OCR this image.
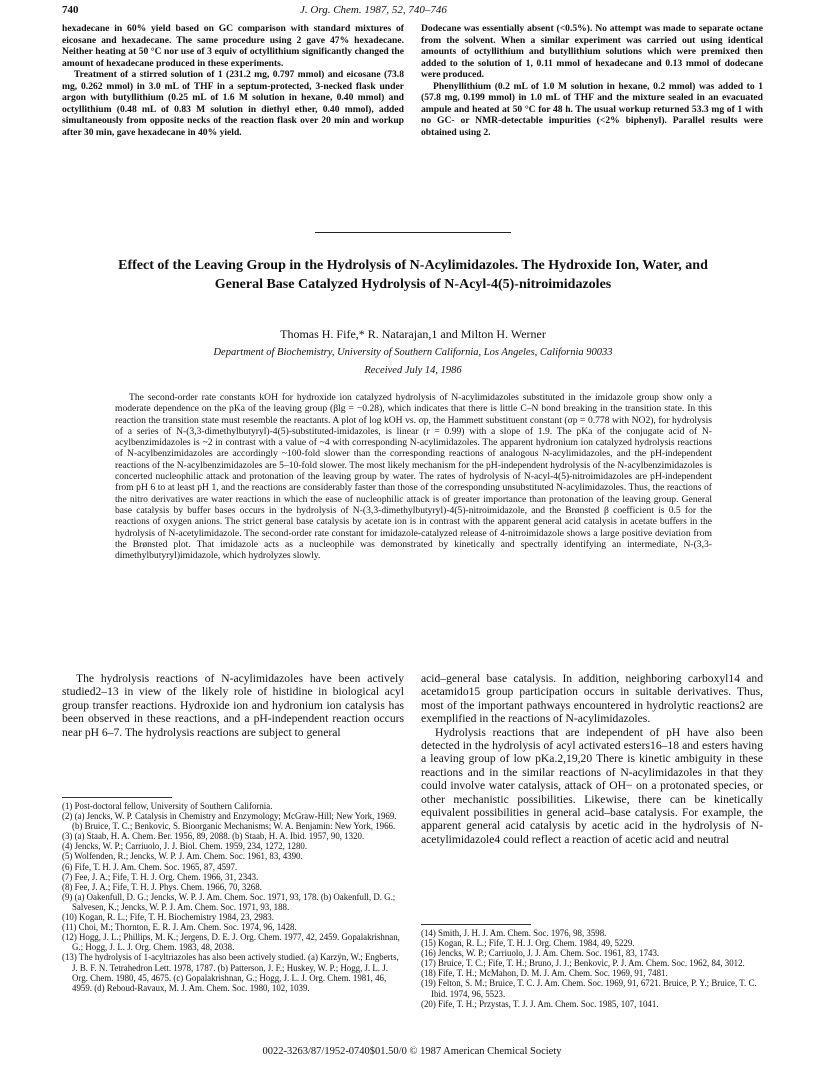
740	J. Org. Chem. 1987, 52, 740–746

hexadecane in 60% yield based on GC comparison with standard mixtures of eicosane and hexadecane. The same procedure using 2 gave 47% hexadecane. Neither heating at 50 °C nor use of 3 equiv of octyllithium significantly changed the amount of hexadecane produced in these experiments.

Treatment of a stirred solution of 1 (231.2 mg, 0.797 mmol) and eicosane (73.8 mg, 0.262 mmol) in 3.0 mL of THF in a septum-protected, 3-necked flask under argon with butyllithium (0.25 mL of 1.6 M solution in hexane, 0.40 mmol) and octyllithium (0.48 mL of 0.83 M solution in diethyl ether, 0.40 mmol), added simultaneously from opposite necks of the reaction flask over 20 min and workup after 30 min, gave hexadecane in 40% yield.

Dodecane was essentially absent (<0.5%). No attempt was made to separate octane from the solvent. When a similar experiment was carried out using identical amounts of octyllithium and butyllithium solutions which were premixed then added to the solution of 1, 0.11 mmol of hexadecane and 0.13 mmol of dodecane were produced.

Phenyllithium (0.2 mL of 1.0 M solution in hexane, 0.2 mmol) was added to 1 (57.8 mg, 0.199 mmol) in 1.0 mL of THF and the mixture sealed in an evacuated ampule and heated at 50 °C for 48 h. The usual workup returned 53.3 mg of 1 with no GC- or NMR-detectable impurities (<2% biphenyl). Parallel results were obtained using 2.

Effect of the Leaving Group in the Hydrolysis of N-Acylimidazoles. The Hydroxide Ion, Water, and General Base Catalyzed Hydrolysis of N-Acyl-4(5)-nitroimidazoles
Thomas H. Fife,* R. Natarajan,1 and Milton H. Werner
Department of Biochemistry, University of Southern California, Los Angeles, California 90033
Received July 14, 1986
The second-order rate constants kOH for hydroxide ion catalyzed hydrolysis of N-acylimidazoles substituted in the imidazole group show only a moderate dependence on the pKa of the leaving group (βlg = −0.28), which indicates that there is little C–N bond breaking in the transition state. In this reaction the transition state must resemble the reactants. A plot of log kOH vs. σp, the Hammett substituent constant (σp = 0.778 with NO2), for hydrolysis of a series of N-(3,3-dimethylbutyryl)-4(5)-substituted-imidazoles, is linear (r = 0.99) with a slope of 1.9. The pKa of the conjugate acid of N-acylbenzimidazoles is ~2 in contrast with a value of ~4 with corresponding N-acylimidazoles. The apparent hydronium ion catalyzed hydrolysis reactions of N-acylbenzimidazoles are accordingly ~100-fold slower than the corresponding reactions of analogous N-acylimidazoles, and the pH-independent reactions of the N-acylbenzimidazoles are 5–10-fold slower. The most likely mechanism for the pH-independent hydrolysis of the N-acylbenzimidazoles is concerted nucleophilic attack and protonation of the leaving group by water. The rates of hydrolysis of N-acyl-4(5)-nitroimidazoles are pH-independent from pH 6 to at least pH 1, and the reactions are considerably faster than those of the corresponding unsubstituted N-acylimidazoles. Thus, the reactions of the nitro derivatives are water reactions in which the ease of nucleophilic attack is of greater importance than protonation of the leaving group. General base catalysis by buffer bases occurs in the hydrolysis of N-(3,3-dimethylbutyryl)-4(5)-nitroimidazole, and the Brønsted β coefficient is 0.5 for the reactions of oxygen anions. The strict general base catalysis by acetate ion is in contrast with the apparent general acid catalysis in acetate buffers in the hydrolysis of N-acetylimidazole. The second-order rate constant for imidazole-catalyzed release of 4-nitroimidazole shows a large positive deviation from the Brønsted plot. That imidazole acts as a nucleophile was demonstrated by kinetically and spectrally identifying an intermediate, N-(3,3-dimethylbutyryl)imidazole, which hydrolyzes slowly.

The hydrolysis reactions of N-acylimidazoles have been actively studied2–13 in view of the likely role of histidine in biological acyl group transfer reactions. Hydroxide ion and hydronium ion catalysis has been observed in these reactions, and a pH-independent reaction occurs near pH 6–7. The hydrolysis reactions are subject to general

acid–general base catalysis. In addition, neighboring carboxyl14 and acetamido15 group participation occurs in suitable derivatives. Thus, most of the important pathways encountered in hydrolytic reactions2 are exemplified in the reactions of N-acylimidazoles.

Hydrolysis reactions that are independent of pH have also been detected in the hydrolysis of acyl activated esters16–18 and esters having a leaving group of low pKa.2,19,20 There is kinetic ambiguity in these reactions and in the similar reactions of N-acylimidazoles in that they could involve water catalysis, attack of OH− on a protonated species, or other mechanistic possibilities. Likewise, there can be kinetically equivalent possibilities in general acid–base catalysis. For example, the apparent general acid catalysis by acetic acid in the hydrolysis of N-acetylimidazole4 could reflect a reaction of acetic acid and neutral

(1) Post-doctoral fellow, University of Southern California.
(2) (a) Jencks, W. P. Catalysis in Chemistry and Enzymology; McGraw-Hill; New York, 1969. (b) Bruice, T. C.; Benkovic, S. Bioorganic Mechanisms; W. A. Benjamin: New York, 1966.
(3) (a) Staab, H. A. Chem. Ber. 1956, 89, 2088. (b) Staab, H. A. Ibid. 1957, 90, 1320.
(4) Jencks, W. P.; Carriuolo, J. J. Biol. Chem. 1959, 234, 1272, 1280.
(5) Wolfenden, R.; Jencks, W. P. J. Am. Chem. Soc. 1961, 83, 4390.
(6) Fife, T. H. J. Am. Chem. Soc. 1965, 87, 4597.
(7) Fee, J. A.; Fife, T. H. J. Org. Chem. 1966, 31, 2343.
(8) Fee, J. A.; Fife, T. H. J. Phys. Chem. 1966, 70, 3268.
(9) (a) Oakenfull, D. G.; Jencks, W. P. J. Am. Chem. Soc. 1971, 93, 178. (b) Oakenfull, D. G.; Salvesen, K.; Jencks, W. P. J. Am. Chem. Soc. 1971, 93, 188.
(10) Kogan, R. L.; Fife, T. H. Biochemistry 1984, 23, 2983.
(11) Choi, M.; Thornton, E. R. J. Am. Chem. Soc. 1974, 96, 1428.
(12) Hogg, J. L.; Phillips, M. K.; Jergens, D. E. J. Org. Chem. 1977, 42, 2459. Gopalakrishnan, G.; Hogg, J. L. J. Org. Chem. 1983, 48, 2038.
(13) The hydrolysis of 1-acyltriazoles has also been actively studied. (a) Karzÿn, W.; Engberts, J. B. F. N. Tetrahedron Lett. 1978, 1787. (b) Patterson, J. F.; Huskey, W. P.; Hogg, J. L. J. Org. Chem. 1980, 45, 4675. (c) Gopalakrishnan, G.; Hogg, J. L. J. Org. Chem. 1981, 46, 4959. (d) Reboud-Ravaux, M. J. Am. Chem. Soc. 1980, 102, 1039.
(14) Smith, J. H. J. Am. Chem. Soc. 1976, 98, 3598.
(15) Kogan, R. L.; Fife, T. H. J. Org. Chem. 1984, 49, 5229.
(16) Jencks, W. P.; Carriuolo, J. J. Am. Chem. Soc. 1961, 83, 1743.
(17) Bruice, T. C.; Fife, T. H.; Bruno, J. J.; Benkovic, P. J. Am. Chem. Soc. 1962, 84, 3012.
(18) Fife, T. H.; McMahon, D. M. J. Am. Chem. Soc. 1969, 91, 7481.
(19) Felton, S. M.; Bruice, T. C. J. Am. Chem. Soc. 1969, 91, 6721. Bruice, P. Y.; Bruice, T. C. Ibid. 1974, 96, 5523.
(20) Fife, T. H.; Przystas, T. J. J. Am. Chem. Soc. 1985, 107, 1041.
0022-3263/87/1952-0740$01.50/0 © 1987 American Chemical Society
